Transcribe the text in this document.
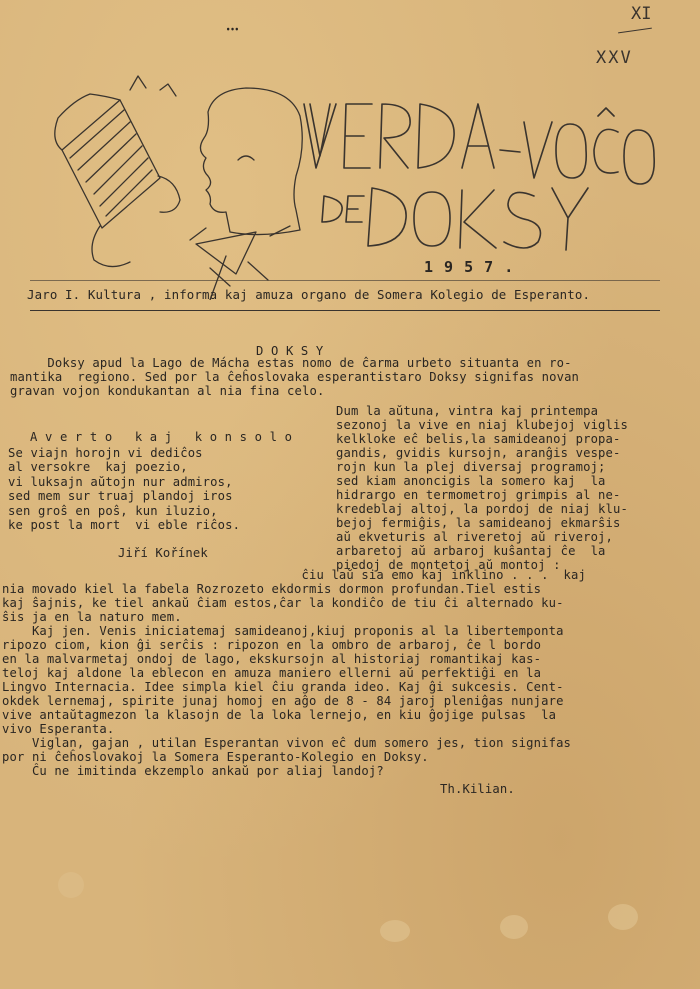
XI
XXV
ꞏꞏꞏ

1 9 5 7 .
Jaro I. Kultura , informa kaj amuza organo de Somera Kolegio de Esperanto.
D O K S Y
Doksy apud la Lago de Mácha estas nomo de ĉarma urbeto situanta en ro-
mantika  regiono. Sed por la ĉeĥoslovaka esperantistaro Doksy signifas novan
gravan vojon kondukantan al nia fina celo.
Dum la aŭtuna, vintra kaj printempa
sezonoj la vive en niaj klubejoj viglis
kelkloke eĉ belis,la samideanoj propa-
gandis, gvidis kursojn, aranĝis vespe-
rojn kun la plej diversaj programoj;
sed kiam anoncigis la somero kaj  la
hidrargo en termometroj grimpis al ne-
kredeblaj altoj, la pordoj de niaj klu-
bejoj fermiĝis, la samideanoj ekmarŝis
aŭ ekveturis al riveretoj aŭ riveroj,
arbaretoj aŭ arbaroj kuŝantaj ĉe  la
piedoj de montetoj aŭ montoj :
A v e r t o   k a j   k o n s o l o
Se viajn horojn vi dediĉos
al versokre  kaj poezio,
vi luksajn aŭtojn nur admiros,
sed mem sur truaj plandoj iros
sen groŝ en poŝ, kun iluzio,
ke post la mort  vi eble riĉos.
Jiří Kořínek
ĉiu laŭ sia emo kaj inklino . . .  kaj
nia movado kiel la fabela Rozrozeto ekdormis dormon profundan.Tiel estis
kaj ŝajnis, ke tiel ankaŭ ĉiam estos,ĉar la kondiĉo de tiu ĉi alternado ku-
ŝis ja en la naturo mem.
Kaj jen. Venis iniciatemaj samideanoj,kiuj proponis al la libertemponta
ripozo ciom, kion ĝi serĉis : ripozon en la ombro de arbaroj, ĉe l bordo
en la malvarmetaj ondoj de lago, ekskursojn al historiaj romantikaj kas-
teloj kaj aldone la eblecon en amuza maniero ellerni aŭ perfektiĝi en la
Lingvo Internacia. Idee simpla kiel ĉiu granda ideo. Kaj ĝi sukcesis. Cent-
okdek lernemaj, spirite junaj homoj en aĝo de 8 - 84 jaroj pleniĝas nunjare
vive antaŭtagmezon la klasojn de la loka lernejo, en kiu ĝojige pulsas  la
vivo Esperanta.
Viglan, gajan , utilan Esperantan vivon eĉ dum somero jes, tion signifas
por ni ĉeĥoslovakoj la Somera Esperanto-Kolegio en Doksy.
Ĉu ne imitinda ekzemplo ankaŭ por aliaj landoj?
Th.Kilian.
